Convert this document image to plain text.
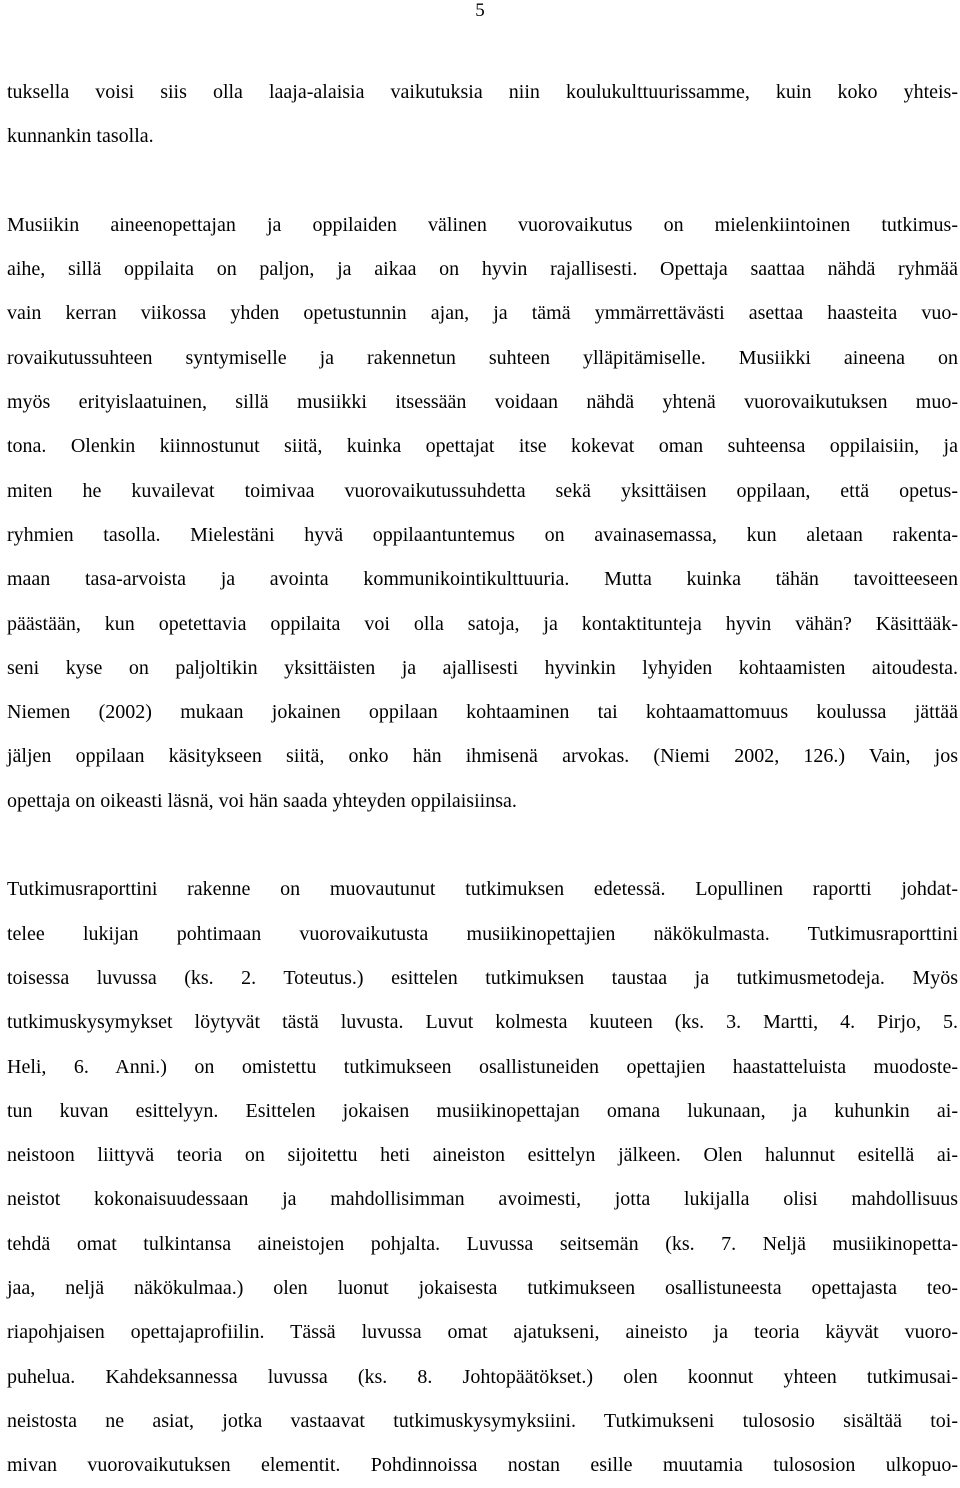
5
tuksella voisi siis olla laaja-alaisia vaikutuksia niin koulukulttuurissamme, kuin koko yhteis-
kunnankin tasolla.
Musiikin aineenopettajan ja oppilaiden välinen vuorovaikutus on mielenkiintoinen tutkimus-
aihe, sillä oppilaita on paljon, ja aikaa on hyvin rajallisesti. Opettaja saattaa nähdä ryhmää
vain kerran viikossa yhden opetustunnin ajan, ja tämä ymmärrettävästi asettaa haasteita vuo-
rovaikutussuhteen syntymiselle ja rakennetun suhteen ylläpitämiselle. Musiikki aineena on
myös erityislaatuinen, sillä musiikki itsessään voidaan nähdä yhtenä vuorovaikutuksen muo-
tona. Olenkin kiinnostunut siitä, kuinka opettajat itse kokevat oman suhteensa oppilaisiin, ja
miten he kuvailevat toimivaa vuorovaikutussuhdetta sekä yksittäisen oppilaan, että opetus-
ryhmien tasolla. Mielestäni hyvä oppilaantuntemus on avainasemassa, kun aletaan rakenta-
maan tasa-arvoista ja avointa kommunikointikulttuuria. Mutta kuinka tähän tavoitteeseen
päästään, kun opetettavia oppilaita voi olla satoja, ja kontaktitunteja hyvin vähän? Käsittääk-
seni kyse on paljoltikin yksittäisten ja ajallisesti hyvinkin lyhyiden kohtaamisten aitoudesta.
Niemen (2002) mukaan jokainen oppilaan kohtaaminen tai kohtaamattomuus koulussa jättää
jäljen oppilaan käsitykseen siitä, onko hän ihmisenä arvokas. (Niemi 2002, 126.) Vain, jos
opettaja on oikeasti läsnä, voi hän saada yhteyden oppilaisiinsa.
Tutkimusraporttini rakenne on muovautunut tutkimuksen edetessä. Lopullinen raportti johdat-
telee lukijan pohtimaan vuorovaikutusta musiikinopettajien näkökulmasta. Tutkimusraporttini
toisessa luvussa (ks. 2. Toteutus.) esittelen tutkimuksen taustaa ja tutkimusmetodeja. Myös
tutkimuskysymykset löytyvät tästä luvusta. Luvut kolmesta kuuteen (ks. 3. Martti, 4. Pirjo, 5.
Heli, 6. Anni.) on omistettu tutkimukseen osallistuneiden opettajien haastatteluista muodoste-
tun kuvan esittelyyn. Esittelen jokaisen musiikinopettajan omana lukunaan, ja kuhunkin ai-
neistoon liittyvä teoria on sijoitettu heti aineiston esittelyn jälkeen. Olen halunnut esitellä ai-
neistot kokonaisuudessaan ja mahdollisimman avoimesti, jotta lukijalla olisi mahdollisuus
tehdä omat tulkintansa aineistojen pohjalta. Luvussa seitsemän (ks. 7. Neljä musiikinopetta-
jaa, neljä näkökulmaa.) olen luonut jokaisesta tutkimukseen osallistuneesta opettajasta teo-
riapohjaisen opettajaprofiilin. Tässä luvussa omat ajatukseni, aineisto ja teoria käyvät vuoro-
puhelua. Kahdeksannessa luvussa (ks. 8. Johtopäätökset.) olen koonnut yhteen tutkimusai-
neistosta ne asiat, jotka vastaavat tutkimuskysymyksiini. Tutkimukseni tulososio sisältää toi-
mivan vuorovaikutuksen elementit. Pohdinnoissa nostan esille muutamia tulososion ulkopuo-
